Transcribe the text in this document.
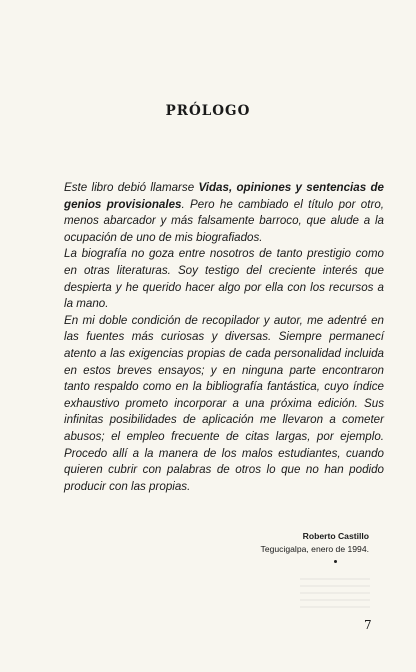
PRÓLOGO

Este libro debió llamarse Vidas, opiniones y sentencias de genios provisionales. Pero he cambiado el título por otro, menos abarcador y más falsamente barroco, que alude a la ocupación de uno de mis biografiados.

La biografía no goza entre nosotros de tanto prestigio como en otras literaturas. Soy testigo del creciente interés que despierta y he querido hacer algo por ella con los recursos a la mano.

En mi doble condición de recopilador y autor, me adentré en las fuentes más curiosas y diversas. Siempre permanecí atento a las exigencias propias de cada personalidad incluida en estos breves ensayos; y en ninguna parte encontraron tanto respaldo como en la bibliografía fantástica, cuyo índice exhaustivo prometo incorporar a una próxima edición. Sus infinitas posibilidades de aplicación me llevaron a cometer abusos; el empleo frecuente de citas largas, por ejemplo. Procedo allí a la manera de los malos estudiantes, cuando quieren cubrir con palabras de otros lo que no han podido producir con las propias.

Roberto Castillo
Tegucigalpa, enero de 1994.
7
